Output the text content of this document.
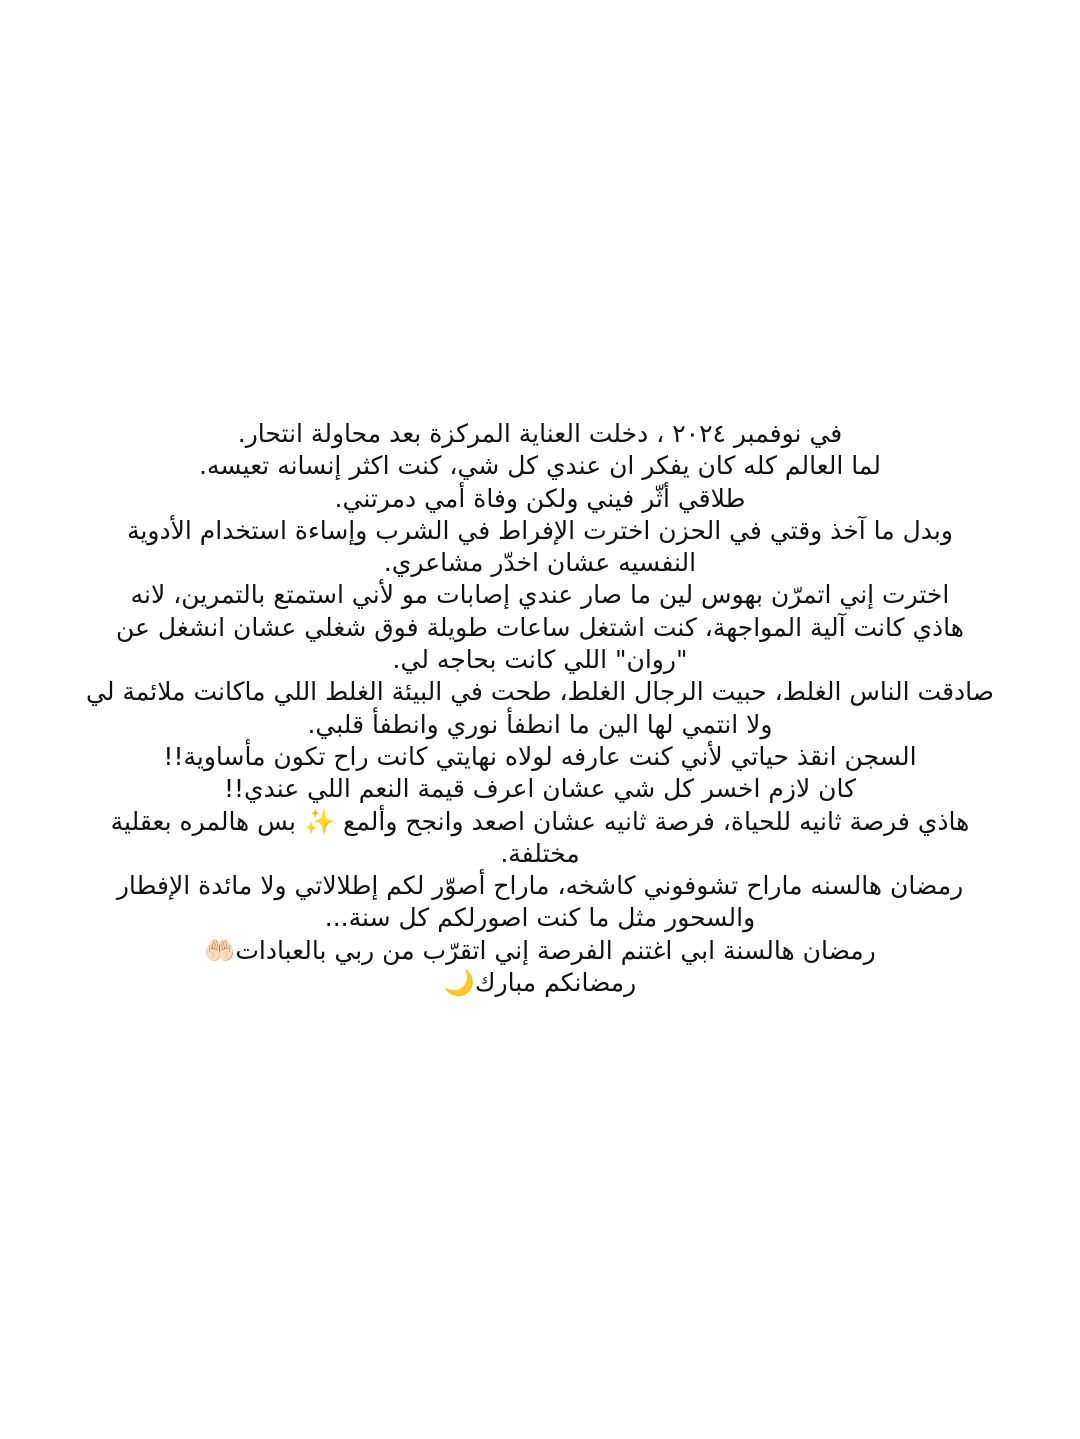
في نوفمبر ٢٠٢٤ ، دخلت العناية المركزة بعد محاولة انتحار.
لما العالم كله كان يفكر ان عندي كل شي، كنت اكثر إنسانه تعيسه.
طلاقي أثّر فيني ولكن وفاة أمي دمرتني.
وبدل ما آخذ وقتي في الحزن اخترت الإفراط في الشرب وإساءة استخدام الأدوية
النفسيه عشان اخدّر مشاعري.
اخترت إني اتمرّن بهوس لين ما صار عندي إصابات مو لأني استمتع بالتمرين، لانه
هاذي كانت آلية المواجهة، كنت اشتغل ساعات طويلة فوق شغلي عشان انشغل عن
"روان" اللي كانت بحاجه لي.
صادقت الناس الغلط، حبيت الرجال الغلط، طحت في البيئة الغلط اللي ماكانت ملائمة لي
ولا انتمي لها الين ما انطفأ نوري وانطفأ قلبي.
السجن انقذ حياتي لأني كنت عارفه لولاه نهايتي كانت راح تكون مأساوية!!
كان لازم اخسر كل شي عشان اعرف قيمة النعم اللي عندي!!
هاذي فرصة ثانيه للحياة، فرصة ثانيه عشان اصعد وانجح وألمع ✨ بس هالمره بعقلية
مختلفة.
رمضان هالسنه ماراح تشوفوني كاشخه، ماراح أصوّر لكم إطلالاتي ولا مائدة الإفطار
والسحور مثل ما كنت اصورلكم كل سنة...
رمضان هالسنة ابي اغتنم الفرصة إني اتقرّب من ربي بالعبادات🤲🏻
رمضانكم مبارك🌙
